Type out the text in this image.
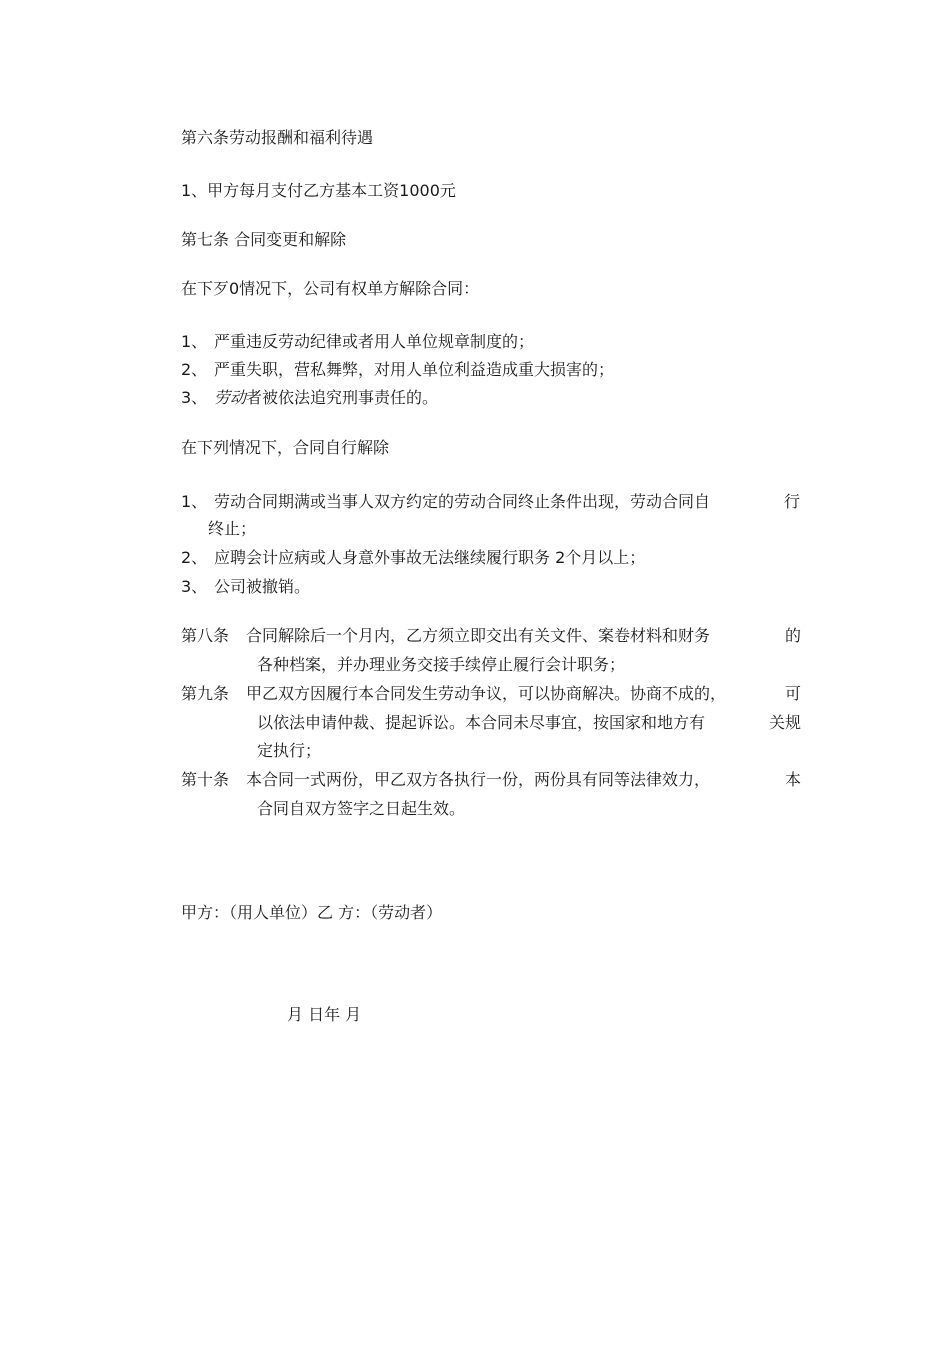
第六条劳动报酬和福利待遇
1、甲方每月支付乙方基本工资1000元
第七条 合同变更和解除
在下歹0情况下，公司有权单方解除合同：
1、 严重违反劳动纪律或者用人单位规章制度的；
2、 严重失职，营私舞弊，对用人单位利益造成重大损害的；
3、 劳动者被依法追究刑事责任的。
在下列情况下，合同自行解除
1、 劳动合同期满或当事人双方约定的劳动合同终止条件出现，劳动合同自	行
终止；
2、 应聘会计应病或人身意外事故无法继续履行职务 2个月以上；
3、 公司被撤销。
第八条 合同解除后一个月内，乙方须立即交出有关文件、案卷材料和财务	的
各种档案，并办理业务交接手续停止履行会计职务；
第九条 甲乙双方因履行本合同发生劳动争议，可以协商解决。协商不成的，	可
以依法申请仲裁、提起诉讼。本合同未尽事宜，按国家和地方有	关规
定执行；
第十条 本合同一式两份，甲乙双方各执行一份，两份具有同等法律效力，	本
合同自双方签字之日起生效。
甲方：（用人单位）乙 方：（劳动者）
月 日年 月
